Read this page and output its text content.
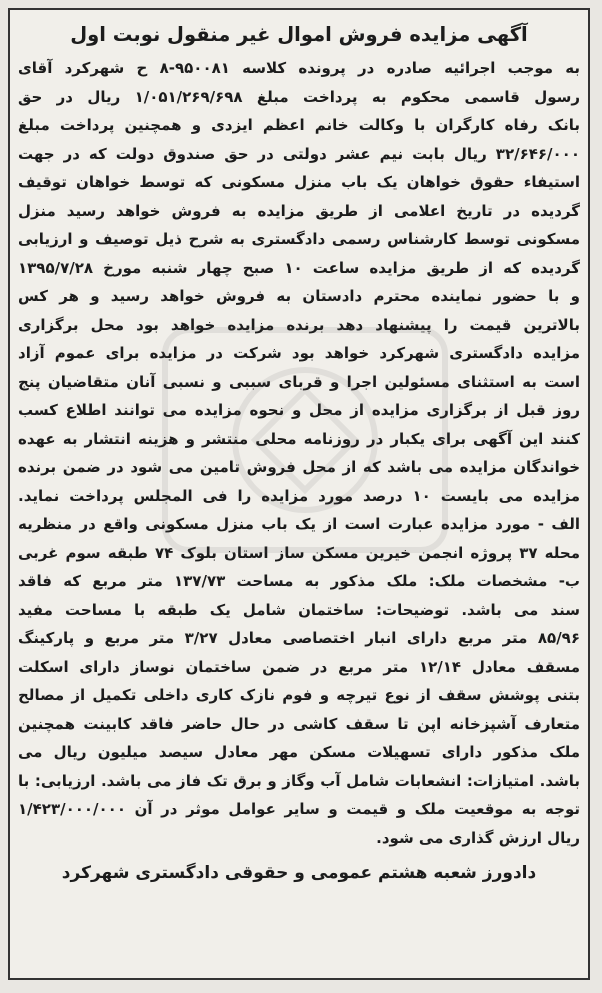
آگهی مزایده فروش اموال غیر منقول نوبت اول
به موجب اجرائیه صادره در پرونده کلاسه ۹۵۰۰۸۱-۸ ح شهرکرد آقای
رسول قاسمی محکوم به پرداخت مبلغ ۱/۰۵۱/۲۶۹/۶۹۸ ریال در حق
بانک رفاه کارگران با وکالت خانم اعظم ایزدی و همچنین پرداخت مبلغ
۳۲/۶۴۶/۰۰۰ ریال بابت نیم عشر دولتی در حق صندوق دولت که در جهت
استیفاء حقوق خواهان یک باب منزل مسکونی که توسط خواهان توقیف
گردیده در تاریخ اعلامی از طریق مزایده به فروش خواهد رسید منزل
مسکونی توسط کارشناس رسمی دادگستری به شرح ذیل توصیف و ارزیابی
گردیده که از طریق مزایده ساعت ۱۰ صبح چهار شنبه مورخ ۱۳۹۵/۷/۲۸
و با حضور نماینده محترم دادستان به فروش خواهد رسید و هر کس
بالاترین قیمت را پیشنهاد دهد برنده مزایده خواهد بود محل برگزاری
مزایده دادگستری شهرکرد خواهد بود شرکت در مزایده برای عموم آزاد
است به استثنای مسئولین اجرا و قربای سببی و نسبی آنان متقاضیان پنج
روز قبل از برگزاری مزایده از محل و نحوه مزایده می توانند اطلاع کسب
کنند این آگهی برای یکبار در روزنامه محلی منتشر و هزینه انتشار به عهده
خواندگان مزایده می باشد که از محل فروش تامین می شود در ضمن برنده
مزایده می بایست ۱۰ درصد مورد مزایده را فی المجلس پرداخت نماید.
الف - مورد مزایده عبارت است از یک باب منزل مسکونی واقع در منظریه
محله ۳۷ پروژه انجمن خیرین مسکن ساز استان بلوک ۷۴ طبقه سوم غربی
ب- مشخصات ملک: ملک مذکور به مساحت ۱۳۷/۷۳ متر مربع که فاقد
سند می باشد. توضیحات: ساختمان شامل یک طبقه با مساحت مفید
۸۵/۹۶ متر مربع دارای انبار اختصاصی معادل ۳/۲۷ متر مربع و پارکینگ
مسقف معادل ۱۲/۱۴ متر مربع در ضمن ساختمان نوساز دارای اسکلت
بتنی پوشش سقف از نوع تیرچه و فوم نازک کاری داخلی تکمیل از مصالح
متعارف آشپزخانه اپن تا سقف کاشی در حال حاضر فاقد کابینت همچنین
ملک مذکور دارای تسهیلات مسکن مهر معادل سیصد میلیون ریال می
باشد. امتیازات: انشعابات شامل آب وگاز و برق تک فاز می باشد. ارزیابی: با
توجه به موقعیت ملک و قیمت و سایر عوامل موثر در آن ۱/۴۲۳/۰۰۰/۰۰۰
ریال ارزش گذاری می شود.
دادورز شعبه هشتم عمومی و حقوقی دادگستری شهرکرد
